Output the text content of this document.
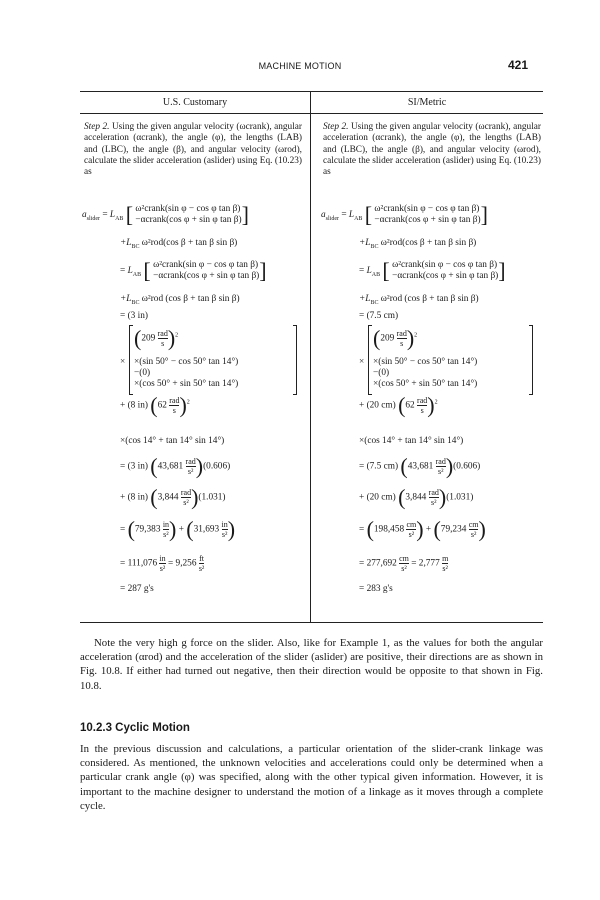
MACHINE MOTION	421
U.S. Customary	SI/Metric

Step 2. Using the given angular velocity (ωcrank), angular acceleration (αcrank), the angle (φ), the lengths (LAB) and (LBC), the angle (β), and angular velocity (ωrod), calculate the slider acceleration (aslider) using Eq. (10.23) as

Step 2. Using the given angular velocity (ωcrank), angular acceleration (αcrank), the angle (φ), the lengths (LAB) and (LBC), the angle (β), and angular velocity (ωrod), calculate the slider acceleration (aslider) using Eq. (10.23) as

$a_{slider} = L_{AB}$ [ ω²crank(sin φ − cos φ tan β)
−αcrank(cos φ + sin φ tan β) ]
$+L_{BC}$ ω²rod(cos β + tan β sin β)
= $L_{AB}$ [ ω²crank(sin φ − cos φ tan β)
−αcrank(cos φ + sin φ tan β) ]
$+L_{BC}$ ω²rod (cos β + tan β sin β)
= (3 in)
$(209 \frac{\text{rad}}{s} )^2$
× ×(sin 50° − cos 50° tan 14°)
−(0)
×(cos 50° + sin 50° tan 14°)
+ (8 in) $(62 \frac{\text{rad}}{s} )^2$
×(cos 14° + tan 14° sin 14°)
= (3 in) $(43,681 \frac{\text{rad}}{\text{s²}} )(0.606)$
+ (8 in) $(3,844 \frac{\text{rad}}{\text{s²}} )(1.031)$
= ($79,383 \frac{in}{\text{s²}}$ ) + ($31,693 \frac{in}{\text{s²}}$ )
= $111,076 \frac{in}{\text{s²}} = 9,256 \frac{ft}{\text{s²}}$
= 287 g's
$a_{slider} = L_{AB}$ [ ω²crank(sin φ − cos φ tan β)
−αcrank(cos φ + sin φ tan β) ]
$+L_{BC}$ ω²rod(cos β + tan β sin β)
= $L_{AB}$ [ ω²crank(sin φ − cos φ tan β)
−αcrank(cos φ + sin φ tan β) ]
$+L_{BC}$ ω²rod (cos β + tan β sin β)
= (7.5 cm)
$(209 \frac{\text{rad}}{s} )^2$
× ×(sin 50° − cos 50° tan 14°)
−(0)
×(cos 50° + sin 50° tan 14°)
+ (20 cm) $(62 \frac{\text{rad}}{s} )^2$
×(cos 14° + tan 14° sin 14°)
= (7.5 cm) $(43,681 \frac{\text{rad}}{\text{s²}} )(0.606)$
+ (20 cm) $(3,844 \frac{\text{rad}}{\text{s²}} )(1.031)$
= ($198,458 \frac{cm}{\text{s²}}$ ) + ($79,234 \frac{cm}{\text{s²}}$ )
= $277,692 \frac{cm}{\text{s²}} = 2,777 \frac{m}{\text{s²}}$
= 283 g's

Note the very high g force on the slider. Also, like for Example 1, as the values for both the angular acceleration (αrod) and the acceleration of the slider (aslider) are positive, their directions are as shown in Fig. 10.8. If either had turned out negative, then their direction would be opposite to that shown in Fig. 10.8.

10.2.3 Cyclic Motion

In the previous discussion and calculations, a particular orientation of the slider-crank linkage was considered. As mentioned, the unknown velocities and accelerations could only be determined when a particular crank angle (φ) was specified, along with the other typical given information. However, it is important to the machine designer to understand the motion of a linkage as it moves through a complete cycle.
